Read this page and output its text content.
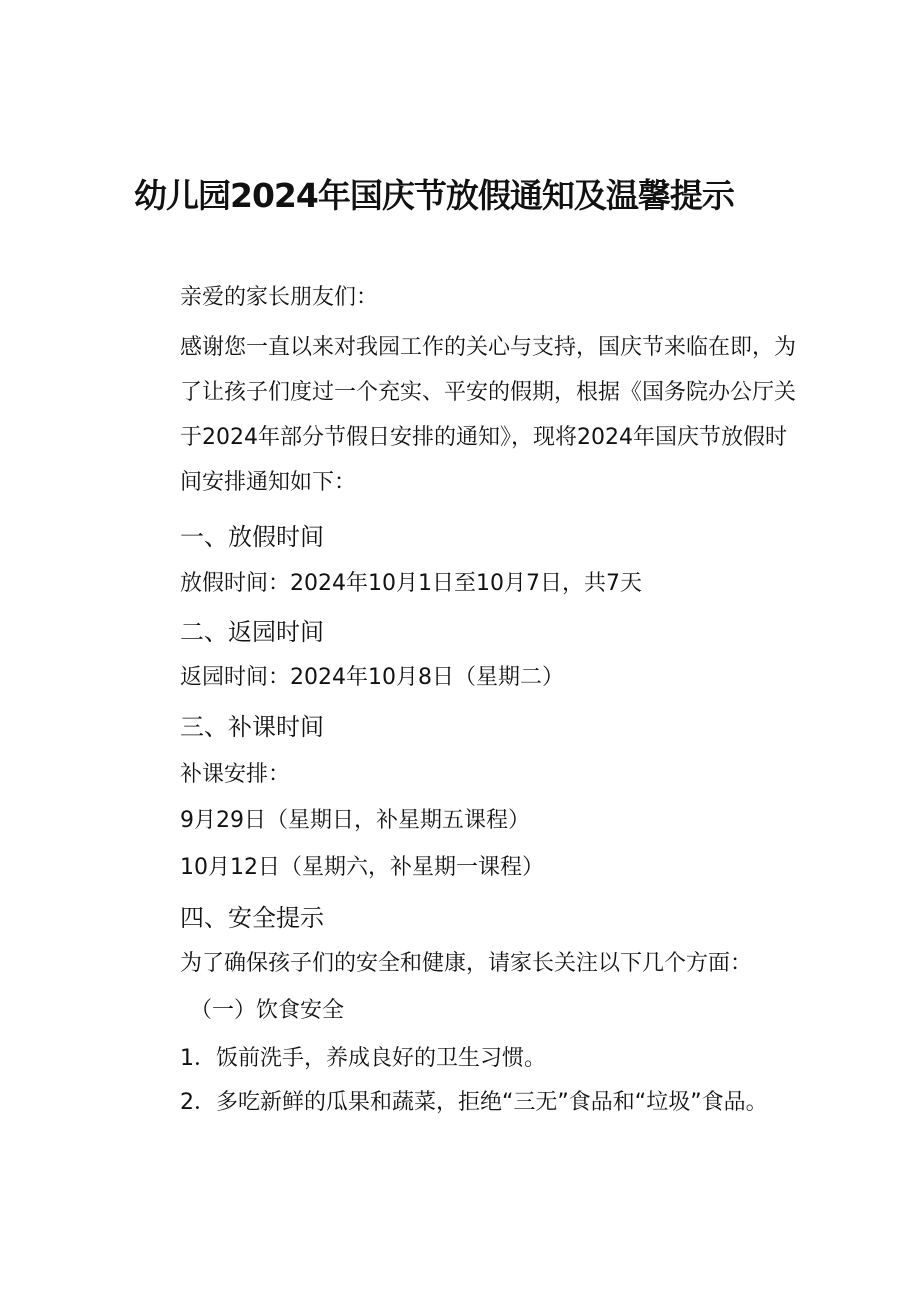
幼儿园2024年国庆节放假通知及温馨提示
亲爱的家长朋友们：
感谢您一直以来对我园工作的关心与支持，国庆节来临在即，为了让孩子们度过一个充实、平安的假期，根据《国务院办公厅关于2024年部分节假日安排的通知》，现将2024年国庆节放假时间安排通知如下：
一、放假时间
放假时间：2024年10月1日至10月7日，共7天
二、返园时间
返园时间：2024年10月8日（星期二）
三、补课时间
补课安排：
9月29日（星期日，补星期五课程）
10月12日（星期六，补星期一课程）
四、安全提示
为了确保孩子们的安全和健康，请家长关注以下几个方面：
（一）饮食安全
1．饭前洗手，养成良好的卫生习惯。
2．多吃新鲜的瓜果和蔬菜，拒绝“三无”食品和“垃圾”食品。
